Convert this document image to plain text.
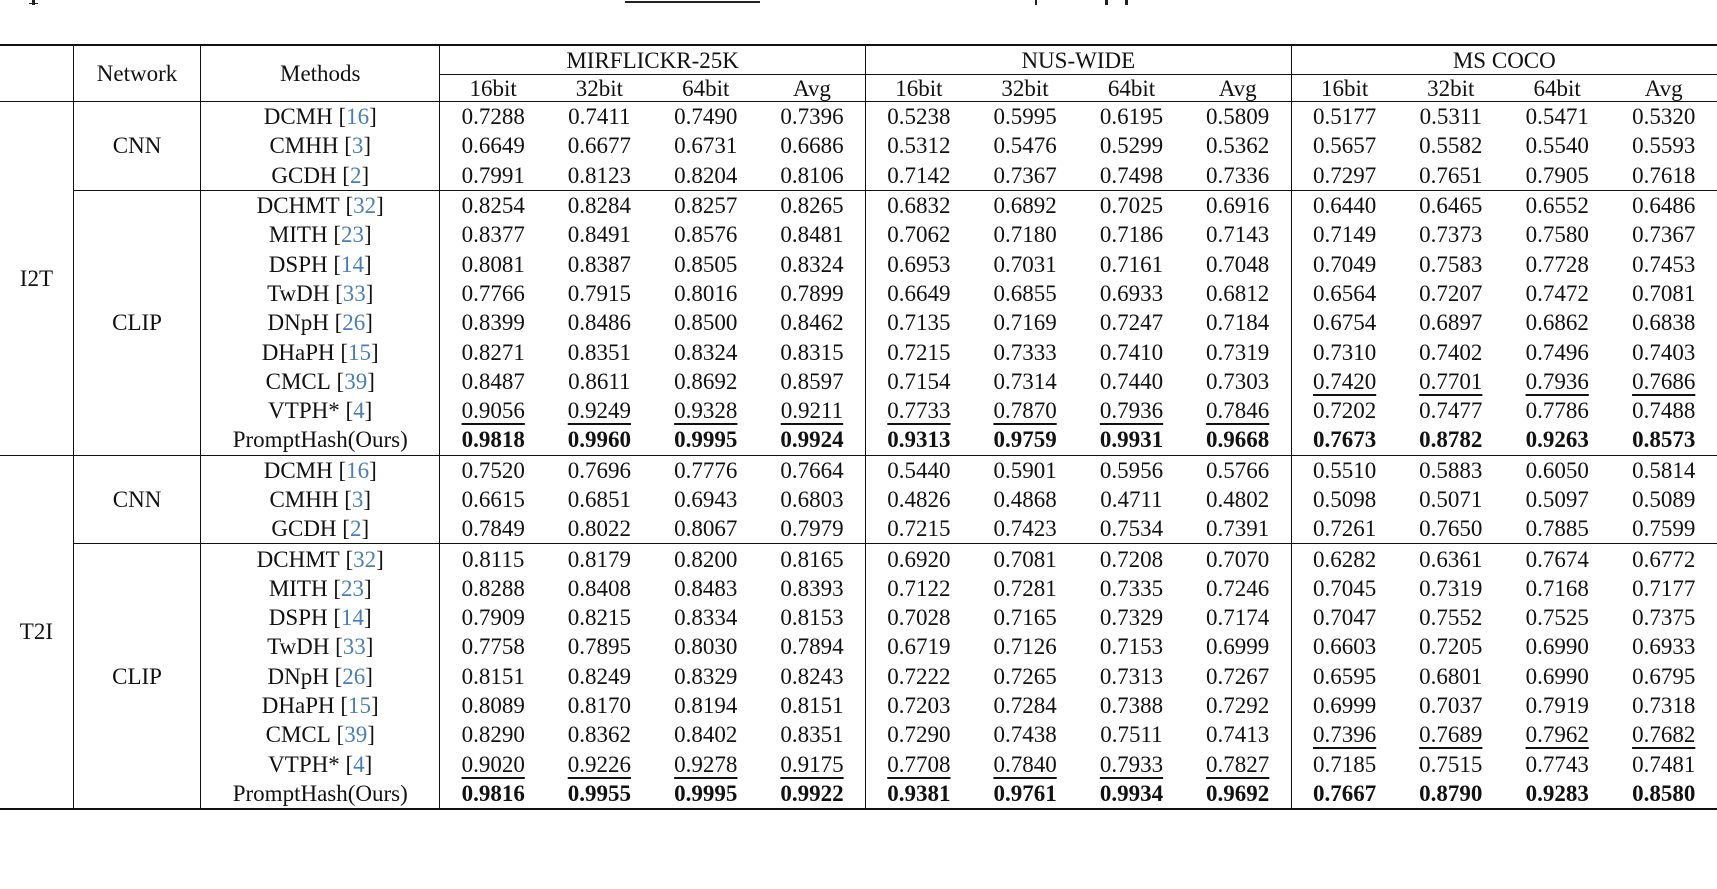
	Network	Methods	MIRFLICKR-25K				NUS-WIDE				MS COCO			
			16bit	32bit	64bit	Avg	16bit	32bit	64bit	Avg	16bit	32bit	64bit	Avg
I2T	CNN	DCMH [16]	0.7288	0.7411	0.7490	0.7396	0.5238	0.5995	0.6195	0.5809	0.5177	0.5311	0.5471	0.5320
		CMHH [3]	0.6649	0.6677	0.6731	0.6686	0.5312	0.5476	0.5299	0.5362	0.5657	0.5582	0.5540	0.5593
		GCDH [2]	0.7991	0.8123	0.8204	0.8106	0.7142	0.7367	0.7498	0.7336	0.7297	0.7651	0.7905	0.7618
	CLIP	DCHMT [32]	0.8254	0.8284	0.8257	0.8265	0.6832	0.6892	0.7025	0.6916	0.6440	0.6465	0.6552	0.6486
		MITH [23]	0.8377	0.8491	0.8576	0.8481	0.7062	0.7180	0.7186	0.7143	0.7149	0.7373	0.7580	0.7367
		DSPH [14]	0.8081	0.8387	0.8505	0.8324	0.6953	0.7031	0.7161	0.7048	0.7049	0.7583	0.7728	0.7453
		TwDH [33]	0.7766	0.7915	0.8016	0.7899	0.6649	0.6855	0.6933	0.6812	0.6564	0.7207	0.7472	0.7081
		DNpH [26]	0.8399	0.8486	0.8500	0.8462	0.7135	0.7169	0.7247	0.7184	0.6754	0.6897	0.6862	0.6838
		DHaPH [15]	0.8271	0.8351	0.8324	0.8315	0.7215	0.7333	0.7410	0.7319	0.7310	0.7402	0.7496	0.7403
		CMCL [39]	0.8487	0.8611	0.8692	0.8597	0.7154	0.7314	0.7440	0.7303	0.7420	0.7701	0.7936	0.7686
		VTPH* [4]	0.9056	0.9249	0.9328	0.9211	0.7733	0.7870	0.7936	0.7846	0.7202	0.7477	0.7786	0.7488
		PromptHash(Ours)	0.9818	0.9960	0.9995	0.9924	0.9313	0.9759	0.9931	0.9668	0.7673	0.8782	0.9263	0.8573
T2I	CNN	DCMH [16]	0.7520	0.7696	0.7776	0.7664	0.5440	0.5901	0.5956	0.5766	0.5510	0.5883	0.6050	0.5814
		CMHH [3]	0.6615	0.6851	0.6943	0.6803	0.4826	0.4868	0.4711	0.4802	0.5098	0.5071	0.5097	0.5089
		GCDH [2]	0.7849	0.8022	0.8067	0.7979	0.7215	0.7423	0.7534	0.7391	0.7261	0.7650	0.7885	0.7599
	CLIP	DCHMT [32]	0.8115	0.8179	0.8200	0.8165	0.6920	0.7081	0.7208	0.7070	0.6282	0.6361	0.7674	0.6772
		MITH [23]	0.8288	0.8408	0.8483	0.8393	0.7122	0.7281	0.7335	0.7246	0.7045	0.7319	0.7168	0.7177
		DSPH [14]	0.7909	0.8215	0.8334	0.8153	0.7028	0.7165	0.7329	0.7174	0.7047	0.7552	0.7525	0.7375
		TwDH [33]	0.7758	0.7895	0.8030	0.7894	0.6719	0.7126	0.7153	0.6999	0.6603	0.7205	0.6990	0.6933
		DNpH [26]	0.8151	0.8249	0.8329	0.8243	0.7222	0.7265	0.7313	0.7267	0.6595	0.6801	0.6990	0.6795
		DHaPH [15]	0.8089	0.8170	0.8194	0.8151	0.7203	0.7284	0.7388	0.7292	0.6999	0.7037	0.7919	0.7318
		CMCL [39]	0.8290	0.8362	0.8402	0.8351	0.7290	0.7438	0.7511	0.7413	0.7396	0.7689	0.7962	0.7682
		VTPH* [4]	0.9020	0.9226	0.9278	0.9175	0.7708	0.7840	0.7933	0.7827	0.7185	0.7515	0.7743	0.7481
		PromptHash(Ours)	0.9816	0.9955	0.9995	0.9922	0.9381	0.9761	0.9934	0.9692	0.7667	0.8790	0.9283	0.8580
